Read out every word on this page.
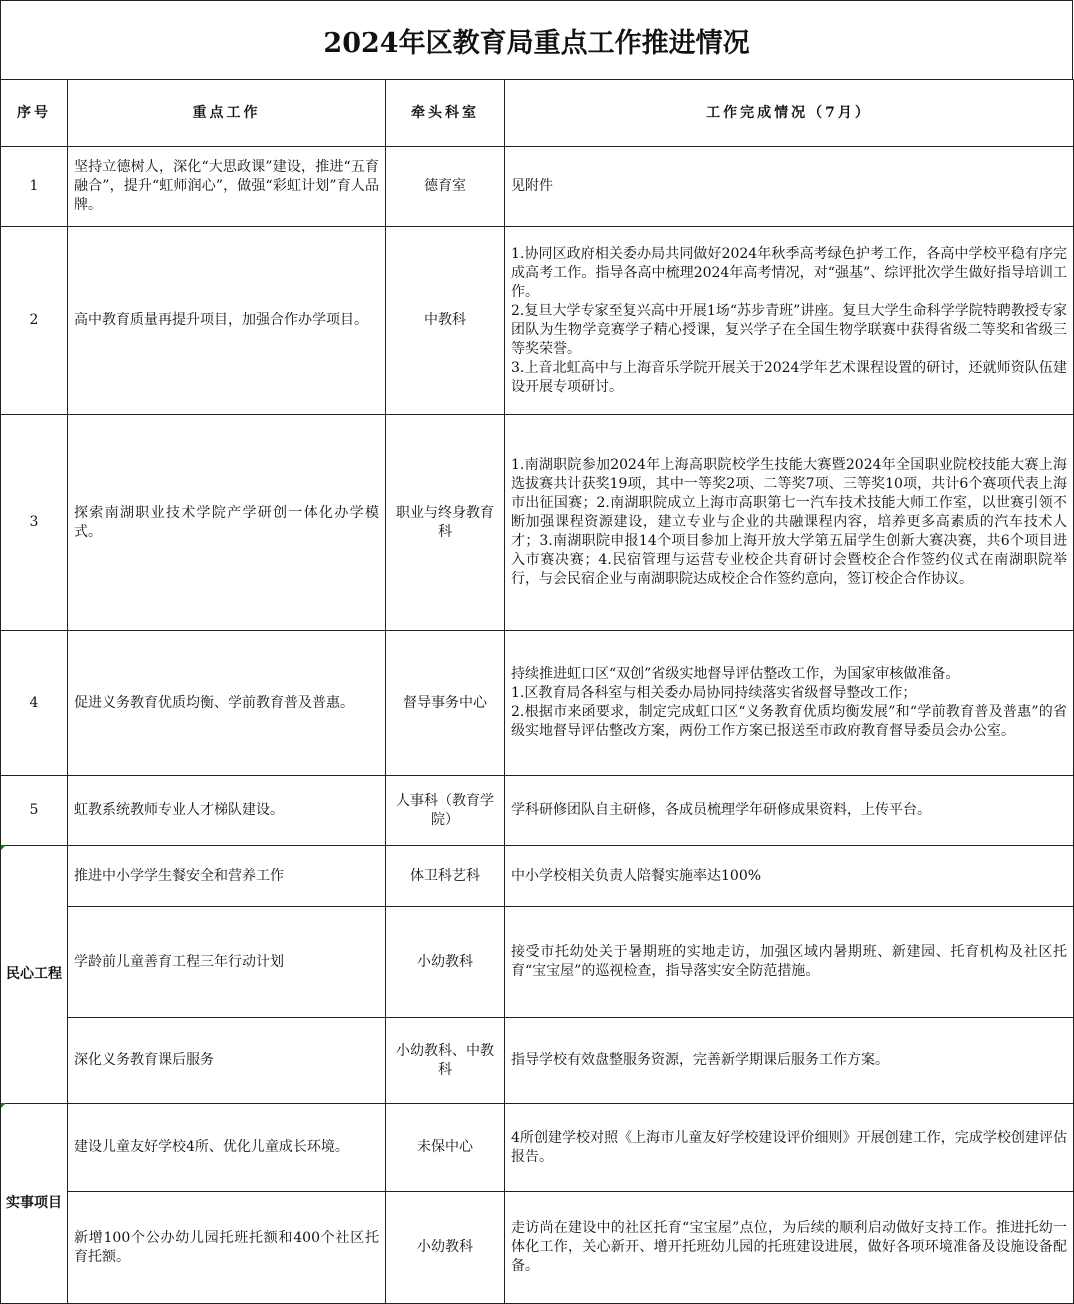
2024年区教育局重点工作推进情况
序号	重点工作	牵头科室	工作完成情况（7月）
1	坚持立德树人，深化“大思政课”建设，推进“五育融合”，提升“虹师润心”，做强“彩虹计划”育人品牌。	德育室	见附件

2	高中教育质量再提升项目，加强合作办学项目。	中教科	1.协同区政府相关委办局共同做好2024年秋季高考绿色护考工作，各高中学校平稳有序完成高考工作。指导各高中梳理2024年高考情况，对“强基”、综评批次学生做好指导培训工作。
2.复旦大学专家至复兴高中开展1场“苏步青班”讲座。复旦大学生命科学学院特聘教授专家团队为生物学竞赛学子精心授课，复兴学子在全国生物学联赛中获得省级二等奖和省级三等奖荣誉。
3.上音北虹高中与上海音乐学院开展关于2024学年艺术课程设置的研讨，还就师资队伍建设开展专项研讨。

3	探索南湖职业技术学院产学研创一体化办学模式。	职业与终身教育科	1.南湖职院参加2024年上海高职院校学生技能大赛暨2024年全国职业院校技能大赛上海选拔赛共计获奖19项，其中一等奖2项、二等奖7项、三等奖10项，共计6个赛项代表上海市出征国赛；2.南湖职院成立上海市高职第七一汽车技术技能大师工作室，以世赛引领不断加强课程资源建设，建立专业与企业的共融课程内容，培养更多高素质的汽车技术人才；3.南湖职院申报14个项目参加上海开放大学第五届学生创新大赛决赛，共6个项目进入市赛决赛；4.民宿管理与运营专业校企共育研讨会暨校企合作签约仪式在南湖职院举行，与会民宿企业与南湖职院达成校企合作签约意向，签订校企合作协议。

4	促进义务教育优质均衡、学前教育普及普惠。	督导事务中心	持续推进虹口区“双创”省级实地督导评估整改工作，为国家审核做准备。
1.区教育局各科室与相关委办局协同持续落实省级督导整改工作；
2.根据市来函要求，制定完成虹口区“义务教育优质均衡发展”和“学前教育普及普惠”的省级实地督导评估整改方案，两份工作方案已报送至市政府教育督导委员会办公室。

5	虹教系统教师专业人才梯队建设。	人事科（教育学院）	学科研修团队自主研修，各成员梳理学年研修成果资料，上传平台。

民心工程	推进中小学学生餐安全和营养工作	体卫科艺科	中小学校相关负责人陪餐实施率达100%

	学龄前儿童善育工程三年行动计划	小幼教科	接受市托幼处关于暑期班的实地走访，加强区域内暑期班、新建园、托育机构及社区托育“宝宝屋”的巡视检查，指导落实安全防范措施。

	深化义务教育课后服务	小幼教科、中教科	指导学校有效盘整服务资源，完善新学期课后服务工作方案。

实事项目	建设儿童友好学校4所、优化儿童成长环境。	未保中心	4所创建学校对照《上海市儿童友好学校建设评价细则》开展创建工作，完成学校创建评估报告。

	新增100个公办幼儿园托班托额和400个社区托育托额。	小幼教科	走访尚在建设中的社区托育“宝宝屋”点位，为后续的顺利启动做好支持工作。推进托幼一体化工作，关心新开、增开托班幼儿园的托班建设进展，做好各项环境准备及设施设备配备。
